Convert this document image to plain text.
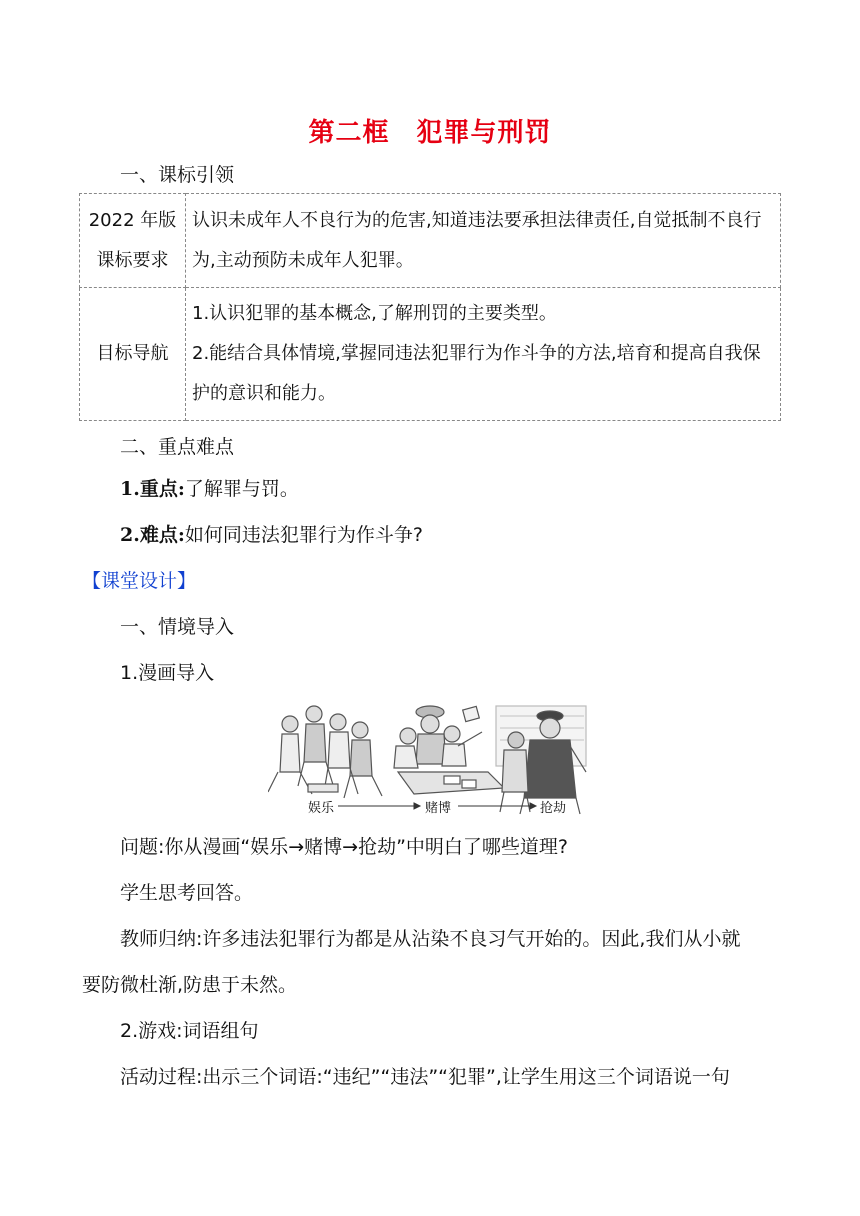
第二框　犯罪与刑罚
一、课标引领
2022 年版
课标要求	认识未成年人不良行为的危害,知道违法要承担法律责任,自觉抵制不良行为,主动预防未成年人犯罪。
目标导航	1.认识犯罪的基本概念,了解刑罚的主要类型。
2.能结合具体情境,掌握同违法犯罪行为作斗争的方法,培育和提高自我保护的意识和能力。
二、重点难点
1.重点:了解罪与罚。
2.难点:如何同违法犯罪行为作斗争?
【课堂设计】
一、情境导入
1.漫画导入
娱乐	赌博	抢劫
问题:你从漫画“娱乐→赌博→抢劫”中明白了哪些道理?
学生思考回答。
教师归纳:许多违法犯罪行为都是从沾染不良习气开始的。因此,我们从小就
要防微杜渐,防患于未然。
2.游戏:词语组句
活动过程:出示三个词语:“违纪”“违法”“犯罪”,让学生用这三个词语说一句
